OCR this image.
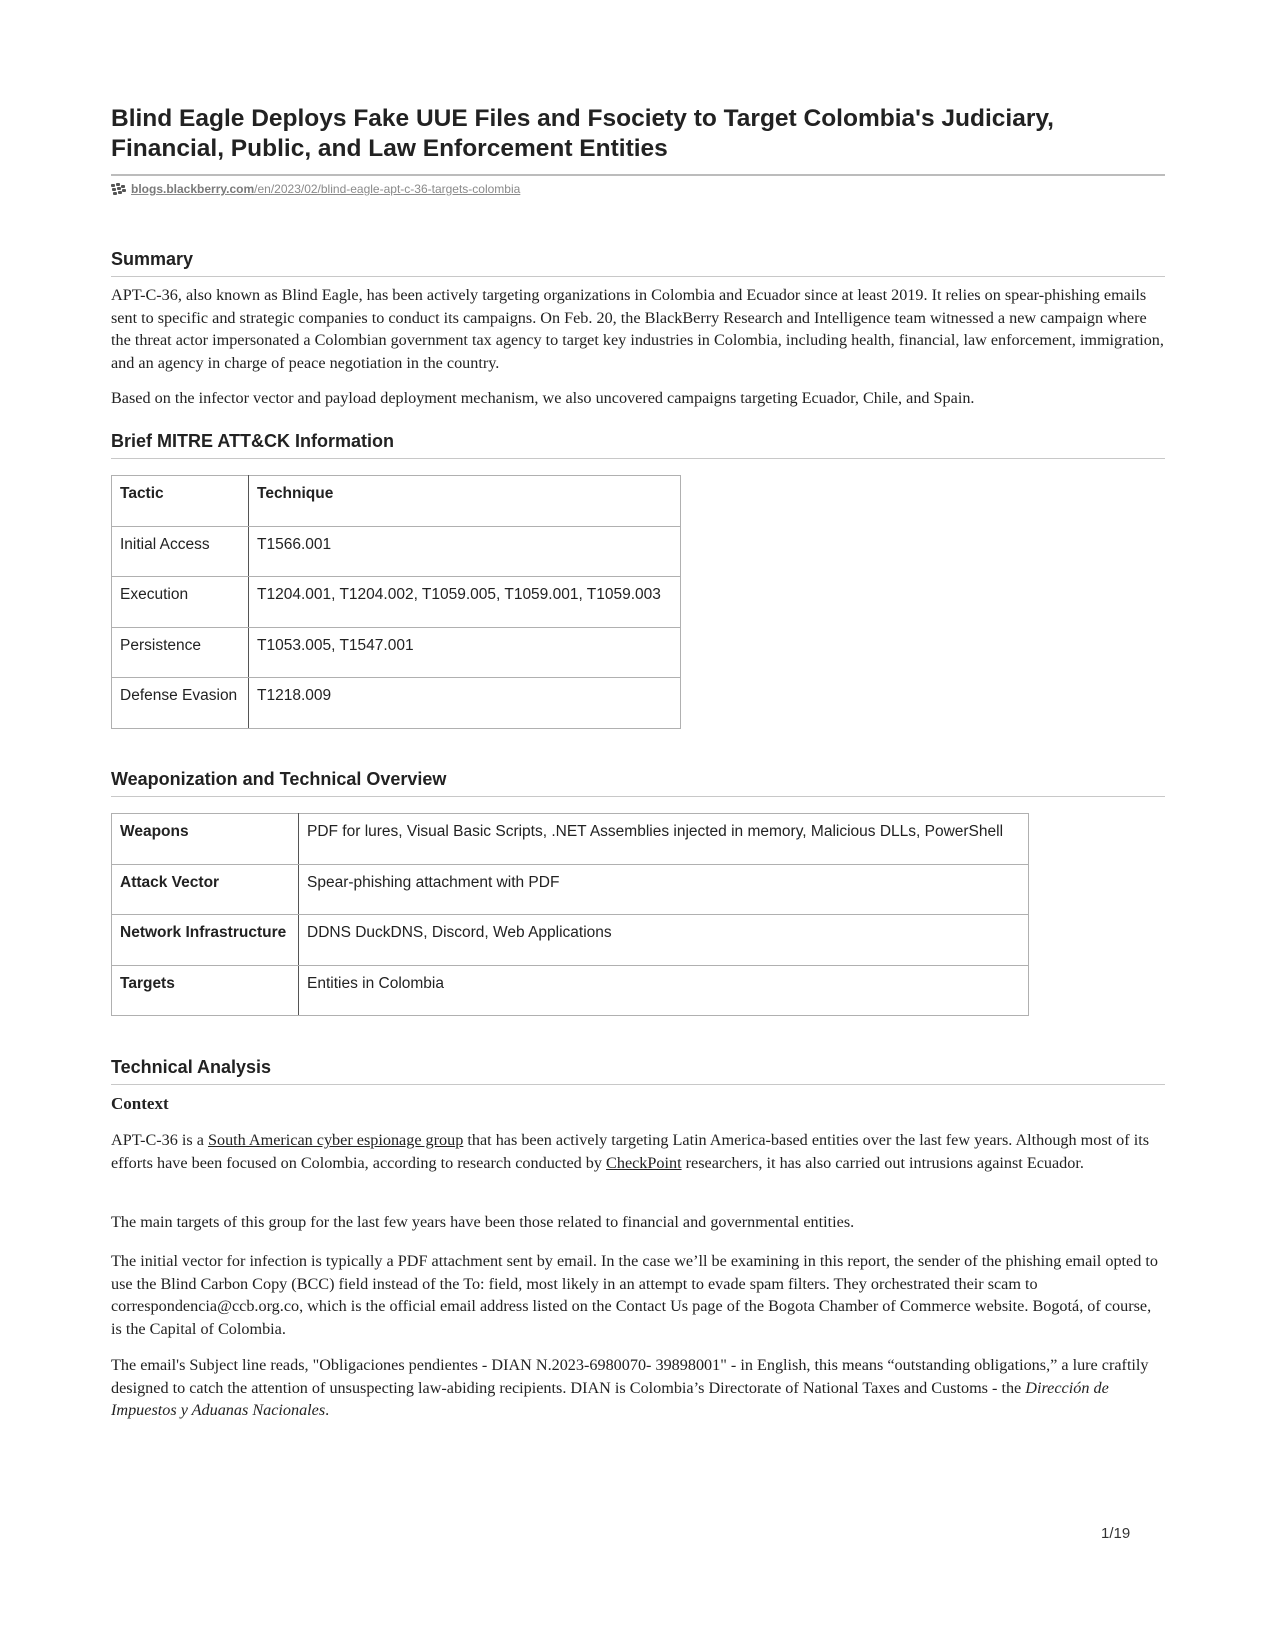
Blind Eagle Deploys Fake UUE Files and Fsociety to Target Colombia's Judiciary, Financial, Public, and Law Enforcement Entities
blogs.blackberry.com/en/2023/02/blind-eagle-apt-c-36-targets-colombia
Summary

APT-C-36, also known as Blind Eagle, has been actively targeting organizations in Colombia and Ecuador since at least 2019. It relies on spear-phishing emails sent to specific and strategic companies to conduct its campaigns. On Feb. 20, the BlackBerry Research and Intelligence team witnessed a new campaign where the threat actor impersonated a Colombian government tax agency to target key industries in Colombia, including health, financial, law enforcement, immigration, and an agency in charge of peace negotiation in the country.

Based on the infector vector and payload deployment mechanism, we also uncovered campaigns targeting Ecuador, Chile, and Spain.

Brief MITRE ATT&CK Information
Tactic	Technique
Initial Access	T1566.001
Execution	T1204.001, T1204.002, T1059.005, T1059.001, T1059.003
Persistence	T1053.005, T1547.001
Defense Evasion	T1218.009
Weaponization and Technical Overview
Weapons	PDF for lures, Visual Basic Scripts, .NET Assemblies injected in memory, Malicious DLLs, PowerShell
Attack Vector	Spear-phishing attachment with PDF
Network Infrastructure	DDNS DuckDNS, Discord, Web Applications
Targets	Entities in Colombia
Technical Analysis
Context

APT-C-36 is a South American cyber espionage group that has been actively targeting Latin America-based entities over the last few years. Although most of its efforts have been focused on Colombia, according to research conducted by CheckPoint researchers, it has also carried out intrusions against Ecuador.

The main targets of this group for the last few years have been those related to financial and governmental entities.

The initial vector for infection is typically a PDF attachment sent by email. In the case we’ll be examining in this report, the sender of the phishing email opted to use the Blind Carbon Copy (BCC) field instead of the To: field, most likely in an attempt to evade spam filters. They orchestrated their scam to correspondencia@ccb.org.co, which is the official email address listed on the Contact Us page of the Bogota Chamber of Commerce website. Bogotá, of course, is the Capital of Colombia.

The email's Subject line reads, "Obligaciones pendientes - DIAN N.2023-6980070- 39898001" - in English, this means “outstanding obligations,” a lure craftily designed to catch the attention of unsuspecting law-abiding recipients. DIAN is Colombia’s Directorate of National Taxes and Customs - the Dirección de Impuestos y Aduanas Nacionales.

1/19
